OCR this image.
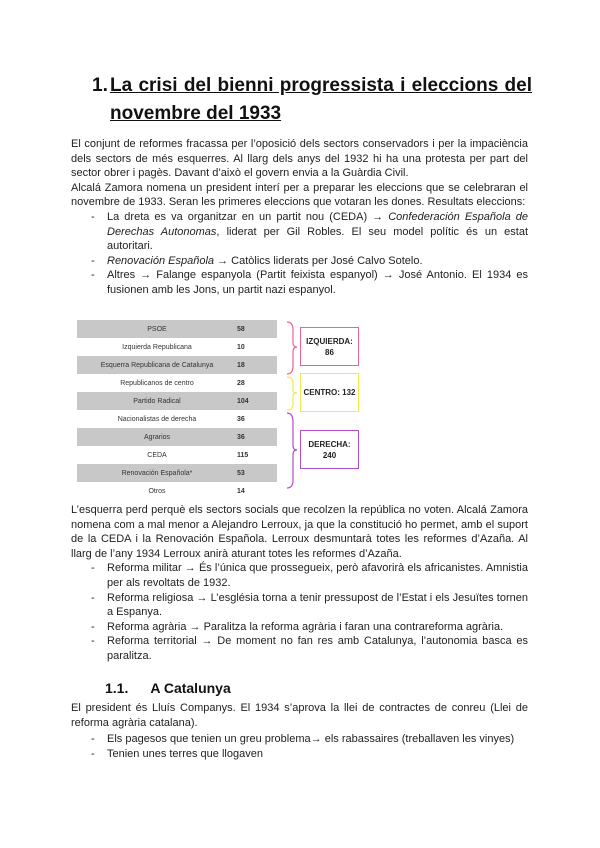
1. La crisi del bienni progressista i eleccions del
novembre del 1933

El conjunt de reformes fracassa per l’oposició dels sectors conservadors i per la impaciència dels sectors de més esquerres. Al llarg dels anys del 1932 hi ha una protesta per part del sector obrer i pagès. Davant d’això el govern envia a la Guàrdia Civil.

Alcalá Zamora nomena un president interí per a preparar les eleccions que se celebraran el novembre de 1933. Seran les primeres eleccions que votaran les dones. Resultats eleccions:

- La dreta es va organitzar en un partit nou (CEDA) → Confederación Española de Derechas Autonomas, liderat per Gil Robles. El seu model polític és un estat autoritari.
- Renovación Española → Catòlics liderats per José Calvo Sotelo.
- Altres → Falange espanyola (Partit feixista espanyol) → José Antonio. El 1934 es fusionen amb les Jons, un partit nazi espanyol.
PSOE	58
Izquierda Republicana	10
Esquerra Republicana de Catalunya	18
Republicanos de centro	28
Partido Radical	104
Nacionalistas de derecha	36
Agrarios	36
CEDA	115
Renovación Española*	53
Otros	14
IZQUIERDA:
86
CENTRO: 132
DERECHA:
240

L’esquerra perd perquè els sectors socials que recolzen la república no voten. Alcalá Zamora nomena com a mal menor a Alejandro Lerroux, ja que la constitució ho permet, amb el suport de la CEDA i la Renovación Española. Lerroux desmuntarà totes les reformes d’Azaña. Al llarg de l’any 1934 Lerroux anirà aturant totes les reformes d’Azaña.

- Reforma militar → És l’única que prossegueix, però afavorirà els africanistes. Amnistia per als revoltats de 1932.
- Reforma religiosa → L’església torna a tenir pressupost de l’Estat i els Jesuïtes tornen a Espanya.
- Reforma agrària → Paralitza la reforma agrària i faran una contrareforma agrària.
- Reforma territorial → De moment no fan res amb Catalunya, l’autonomia basca es paralitza.
1.1. A Catalunya

El president és Lluís Companys. El 1934 s’aprova la llei de contractes de conreu (Llei de reforma agrària catalana).

- Els pagesos que tenien un greu problema→ els rabassaires (treballaven les vinyes)
- Tenien unes terres que llogaven
